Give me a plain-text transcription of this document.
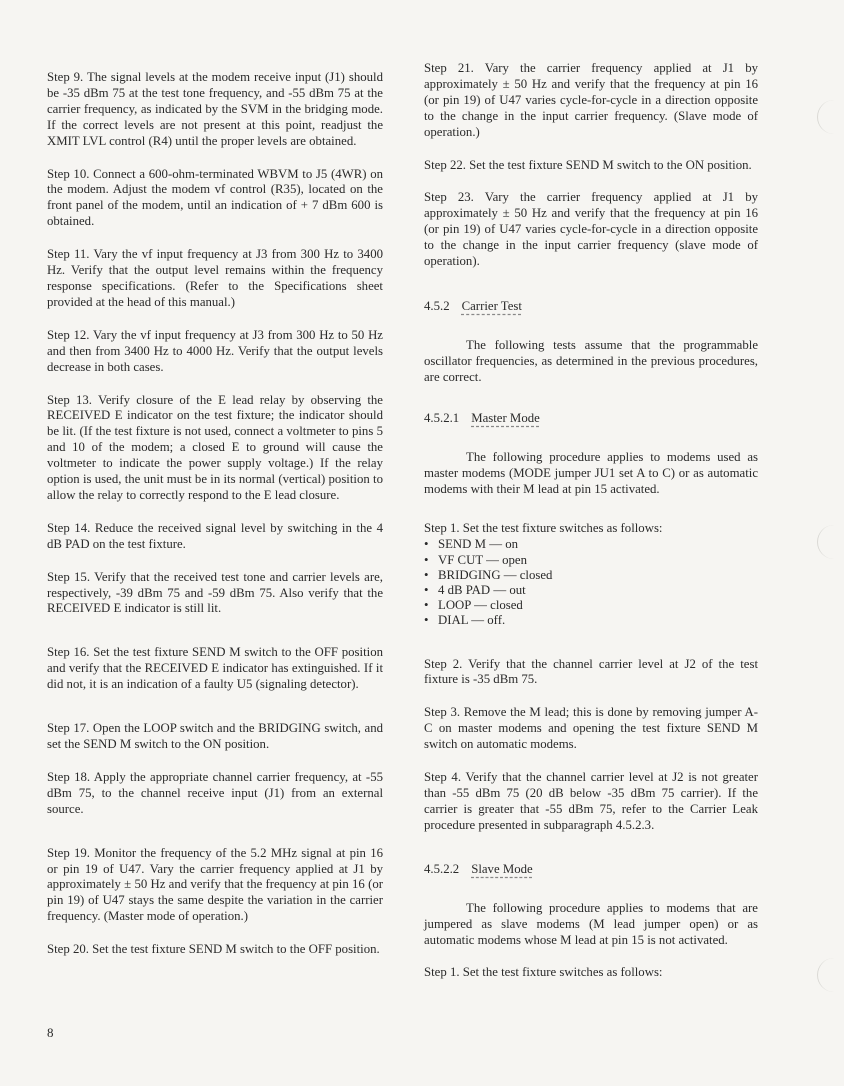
Step 9. The signal levels at the modem receive input (J1) should be -35 dBm 75 at the test tone frequency, and -55 dBm 75 at the carrier frequency, as indicated by the SVM in the bridging mode. If the correct levels are not present at this point, readjust the XMIT LVL control (R4) until the proper levels are obtained.

Step 10. Connect a 600-ohm-terminated WBVM to J5 (4WR) on the modem. Adjust the modem vf control (R35), located on the front panel of the modem, until an indication of + 7 dBm 600 is obtained.

Step 11. Vary the vf input frequency at J3 from 300 Hz to 3400 Hz. Verify that the output level remains within the frequency response specifications. (Refer to the Specifications sheet provided at the head of this manual.)

Step 12. Vary the vf input frequency at J3 from 300 Hz to 50 Hz and then from 3400 Hz to 4000 Hz. Verify that the output levels decrease in both cases.

Step 13. Verify closure of the E lead relay by observing the RECEIVED E indicator on the test fixture; the indicator should be lit. (If the test fixture is not used, connect a voltmeter to pins 5 and 10 of the modem; a closed E to ground will cause the voltmeter to indicate the power supply voltage.) If the relay option is used, the unit must be in its normal (vertical) position to allow the relay to correctly respond to the E lead closure.

Step 14. Reduce the received signal level by switching in the 4 dB PAD on the test fixture.

Step 15. Verify that the received test tone and carrier levels are, respectively, -39 dBm 75 and -59 dBm 75. Also verify that the RECEIVED E indicator is still lit.

Step 16. Set the test fixture SEND M switch to the OFF position and verify that the RECEIVED E indicator has extinguished. If it did not, it is an indication of a faulty U5 (signaling detector).

Step 17. Open the LOOP switch and the BRIDGING switch, and set the SEND M switch to the ON position.

Step 18. Apply the appropriate channel carrier frequency, at -55 dBm 75, to the channel receive input (J1) from an external source.

Step 19. Monitor the frequency of the 5.2 MHz signal at pin 16 or pin 19 of U47. Vary the carrier frequency applied at J1 by approximately ± 50 Hz and verify that the frequency at pin 16 (or pin 19) of U47 stays the same despite the variation in the carrier frequency. (Master mode of operation.)

Step 20. Set the test fixture SEND M switch to the OFF position.

Step 21. Vary the carrier frequency applied at J1 by approximately ± 50 Hz and verify that the frequency at pin 16 (or pin 19) of U47 varies cycle-for-cycle in a direction opposite to the change in the input carrier frequency. (Slave mode of operation.)

Step 22. Set the test fixture SEND M switch to the ON position.

Step 23. Vary the carrier frequency applied at J1 by approximately ± 50 Hz and verify that the frequency at pin 16 (or pin 19) of U47 varies cycle-for-cycle in a direction opposite to the change in the input carrier frequency (slave mode of operation).

4.5.2 Carrier Test

The following tests assume that the programmable oscillator frequencies, as determined in the previous procedures, are correct.

4.5.2.1 Master Mode

The following procedure applies to modems used as master modems (MODE jumper JU1 set A to C) or as automatic modems with their M lead at pin 15 activated.

Step 1. Set the test fixture switches as follows:

• SEND M — on
• VF CUT — open
• BRIDGING — closed
• 4 dB PAD — out
• LOOP — closed
• DIAL — off.

Step 2. Verify that the channel carrier level at J2 of the test fixture is -35 dBm 75.

Step 3. Remove the M lead; this is done by removing jumper A-C on master modems and opening the test fixture SEND M switch on automatic modems.

Step 4. Verify that the channel carrier level at J2 is not greater than -55 dBm 75 (20 dB below -35 dBm 75 carrier). If the carrier is greater that -55 dBm 75, refer to the Carrier Leak procedure presented in subparagraph 4.5.2.3.

4.5.2.2 Slave Mode

The following procedure applies to modems that are jumpered as slave modems (M lead jumper open) or as automatic modems whose M lead at pin 15 is not activated.

Step 1. Set the test fixture switches as follows:

8
